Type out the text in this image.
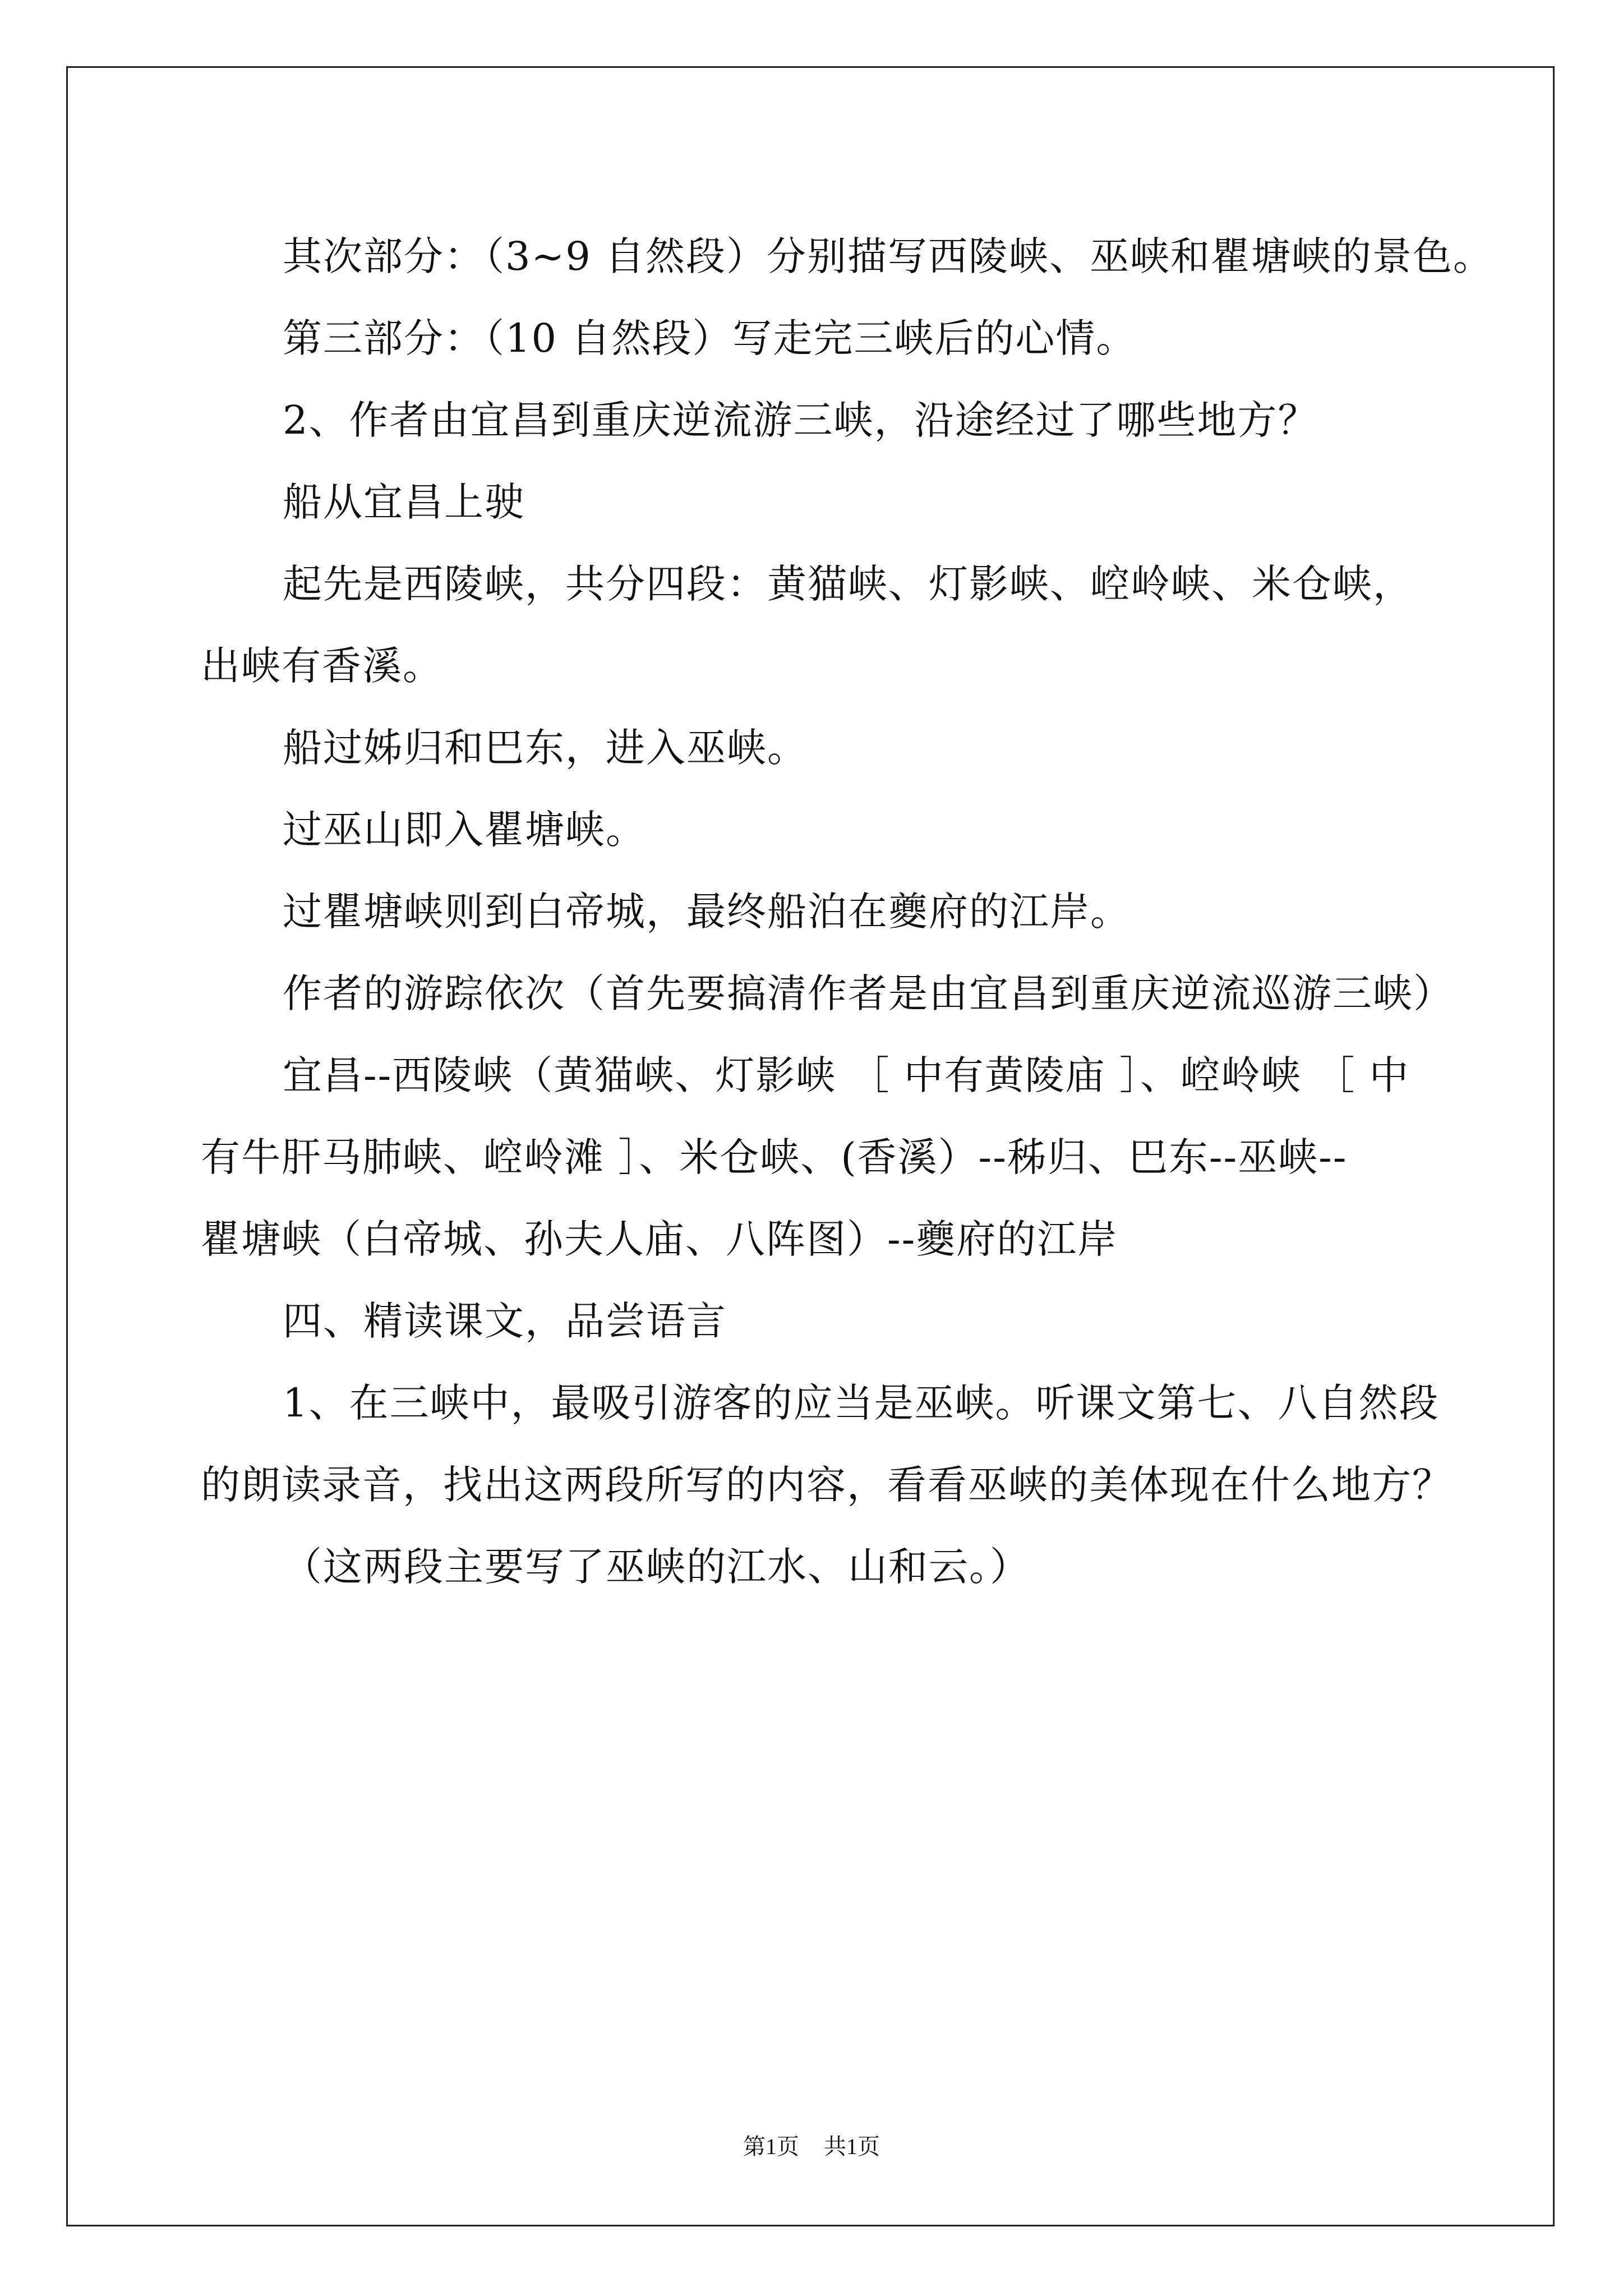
其次部分：（3~9 自然段）分别描写西陵峡、巫峡和瞿塘峡的景色。

第三部分：（10 自然段）写走完三峡后的心情。

2、作者由宜昌到重庆逆流游三峡，沿途经过了哪些地方？

船从宜昌上驶

起先是西陵峡，共分四段：黄猫峡、灯影峡、崆岭峡、米仓峡，

出峡有香溪。

船过姊归和巴东，进入巫峡。

过巫山即入瞿塘峡。

过瞿塘峡则到白帝城，最终船泊在夔府的江岸。

作者的游踪依次（首先要搞清作者是由宜昌到重庆逆流巡游三峡）

宜昌--西陵峡（黄猫峡、灯影峡 ［ 中有黄陵庙 ］、崆岭峡 ［ 中

有牛肝马肺峡、崆岭滩 ］、米仓峡、(香溪）--秭归、巴东--巫峡--

瞿塘峡（白帝城、孙夫人庙、八阵图）--夔府的江岸

四、精读课文，品尝语言

1、在三峡中，最吸引游客的应当是巫峡。听课文第七、八自然段

的朗读录音，找出这两段所写的内容，看看巫峡的美体现在什么地方？

（这两段主要写了巫峡的江水、山和云。）

第1页 共1页
